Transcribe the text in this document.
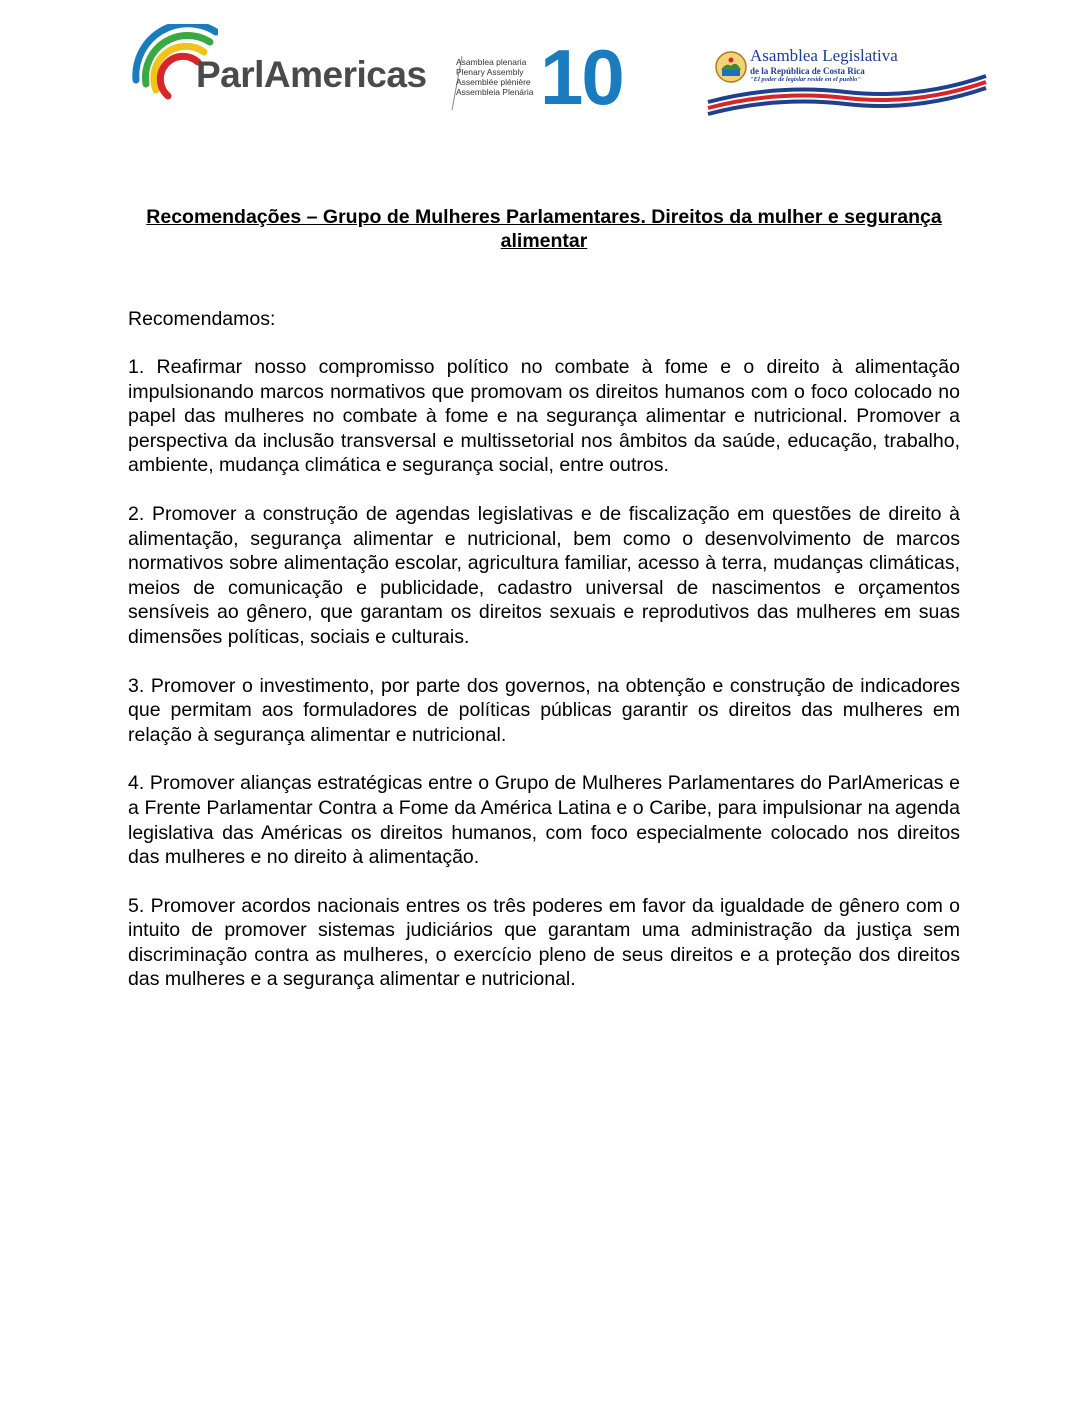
ParlAmericas	Asamblea plenaria
Plenary Assembly
Assemblée plénière
Assembleia Plenária 10	Asamblea Legislativa
de la República de Costa Rica
"El poder de legislar reside en el pueblo"
Recomendações – Grupo de Mulheres Parlamentares. Direitos da mulher e segurança alimentar

Recomendamos:

1. Reafirmar nosso compromisso político no combate à fome e o direito à alimentação impulsionando marcos normativos que promovam os direitos humanos com o foco colocado no papel das mulheres no combate à fome e na segurança alimentar e nutricional. Promover a perspectiva da inclusão transversal e multissetorial nos âmbitos da saúde, educação, trabalho, ambiente, mudança climática e segurança social, entre outros.

2. Promover a construção de agendas legislativas e de fiscalização em questões de direito à alimentação, segurança alimentar e nutricional, bem como o desenvolvimento de marcos normativos sobre alimentação escolar, agricultura familiar, acesso à terra, mudanças climáticas, meios de comunicação e publicidade, cadastro universal de nascimentos e orçamentos sensíveis ao gênero, que garantam os direitos sexuais e reprodutivos das mulheres em suas dimensões políticas, sociais e culturais.

3. Promover o investimento, por parte dos governos, na obtenção e construção de indicadores que permitam aos formuladores de políticas públicas garantir os direitos das mulheres em relação à segurança alimentar e nutricional.

4. Promover alianças estratégicas entre o Grupo de Mulheres Parlamentares do ParlAmericas e a Frente Parlamentar Contra a Fome da América Latina e o Caribe, para impulsionar na agenda legislativa das Américas os direitos humanos, com foco especialmente colocado nos direitos das mulheres e no direito à alimentação.

5. Promover acordos nacionais entres os três poderes em favor da igualdade de gênero com o intuito de promover sistemas judiciários que garantam uma administração da justiça sem discriminação contra as mulheres, o exercício pleno de seus direitos e a proteção dos direitos das mulheres e a segurança alimentar e nutricional.
